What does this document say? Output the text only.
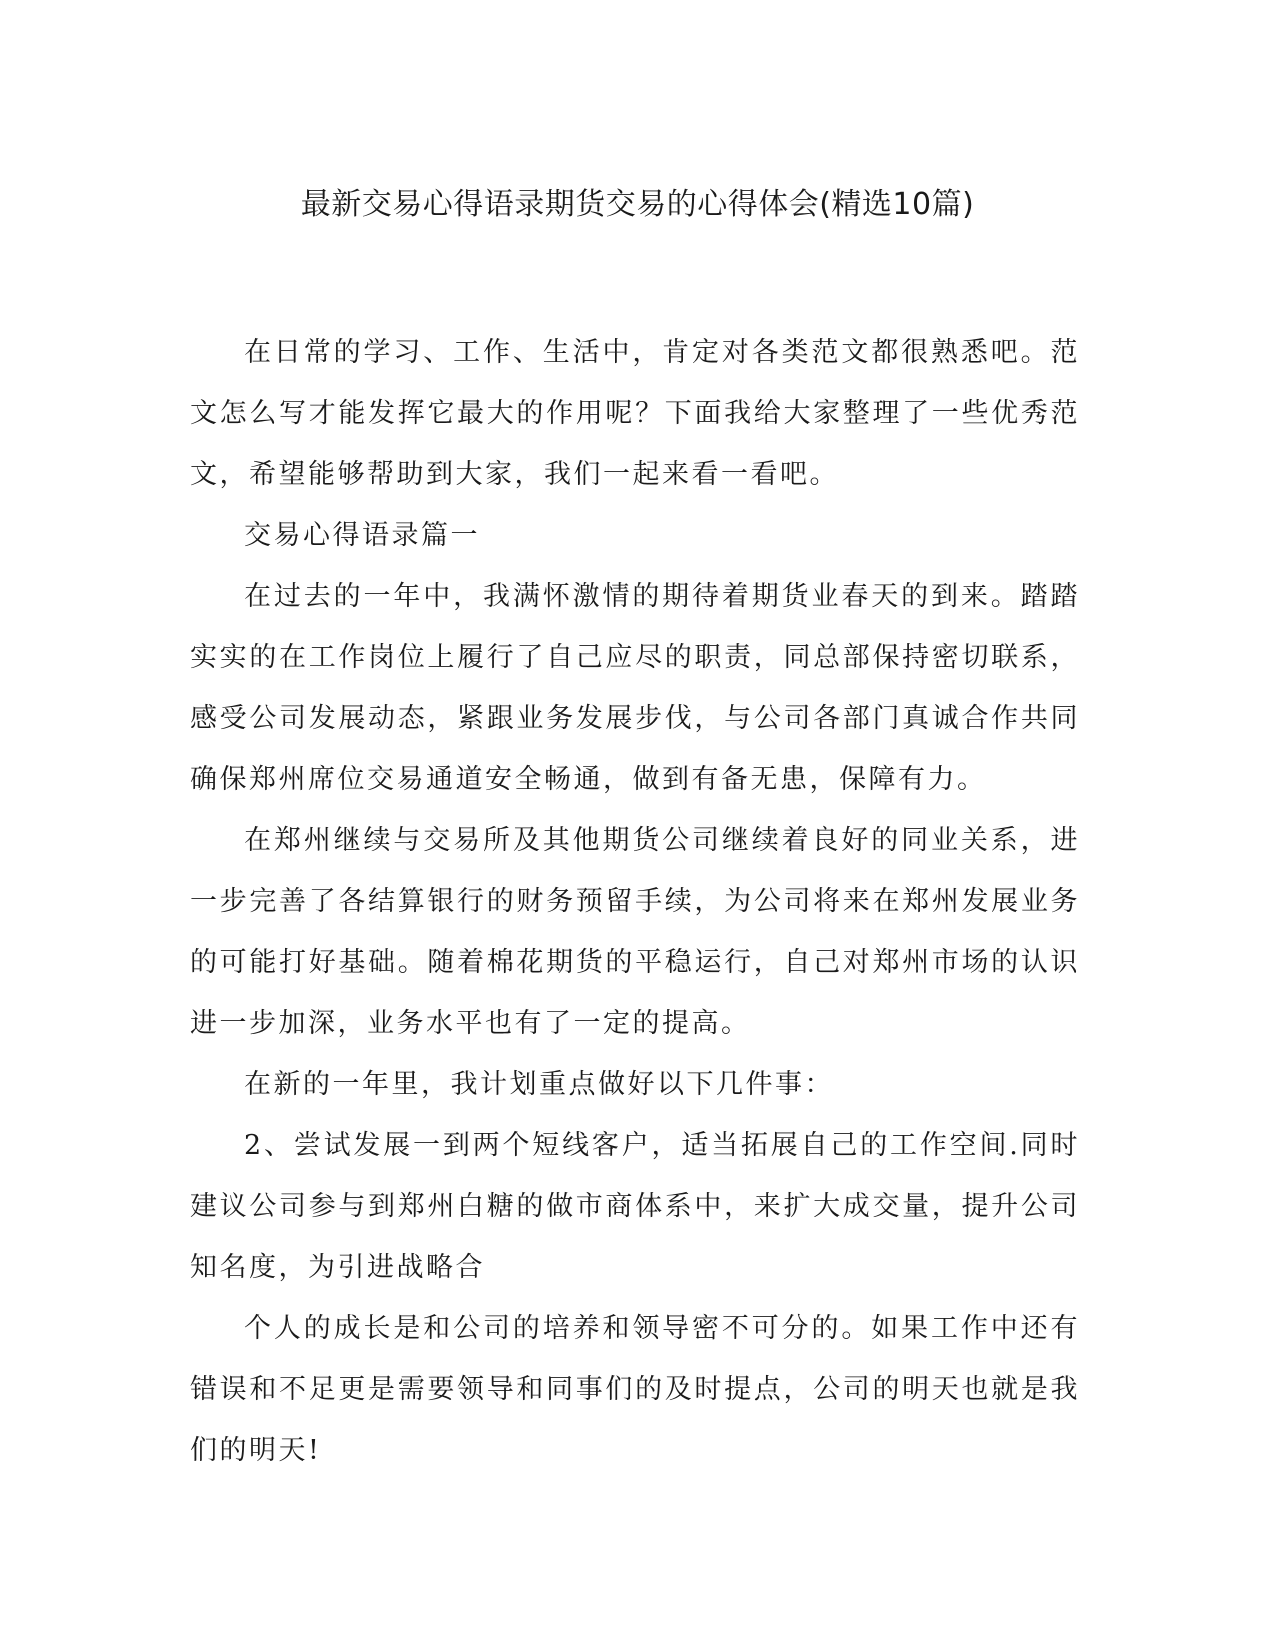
最新交易心得语录期货交易的心得体会(精选10篇)

在日常的学习、工作、生活中，肯定对各类范文都很熟悉吧。范文怎么写才能发挥它最大的作用呢？下面我给大家整理了一些优秀范文，希望能够帮助到大家，我们一起来看一看吧。

交易心得语录篇一

在过去的一年中，我满怀激情的期待着期货业春天的到来。踏踏实实的在工作岗位上履行了自己应尽的职责，同总部保持密切联系，感受公司发展动态，紧跟业务发展步伐，与公司各部门真诚合作共同确保郑州席位交易通道安全畅通，做到有备无患，保障有力。

在郑州继续与交易所及其他期货公司继续着良好的同业关系，进一步完善了各结算银行的财务预留手续，为公司将来在郑州发展业务的可能打好基础。随着棉花期货的平稳运行，自己对郑州市场的认识进一步加深，业务水平也有了一定的提高。

在新的一年里，我计划重点做好以下几件事：

2、尝试发展一到两个短线客户，适当拓展自己的工作空间.同时建议公司参与到郑州白糖的做市商体系中，来扩大成交量，提升公司知名度，为引进战略合

个人的成长是和公司的培养和领导密不可分的。如果工作中还有错误和不足更是需要领导和同事们的及时提点，公司的明天也就是我们的明天!
